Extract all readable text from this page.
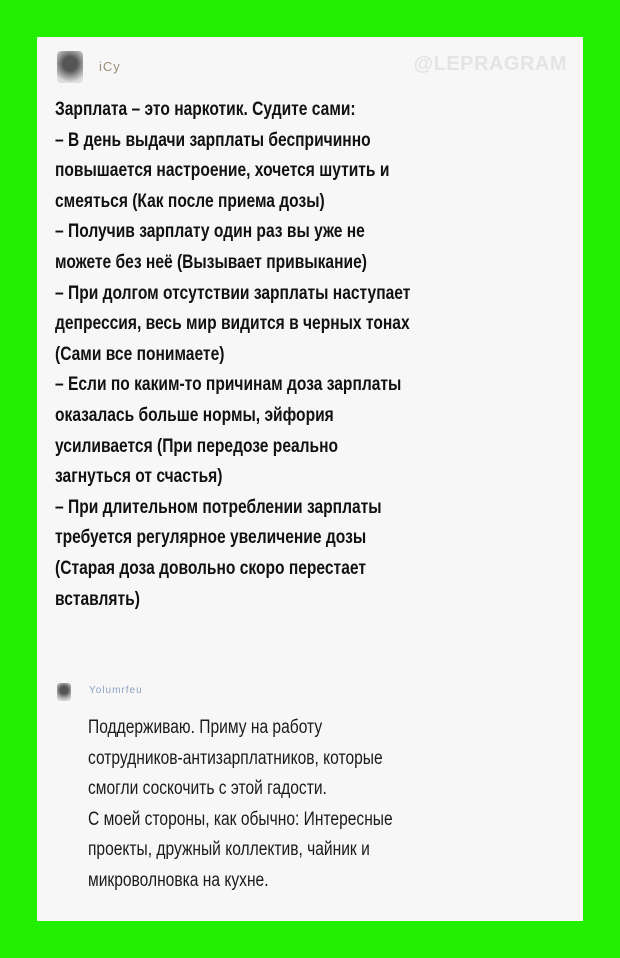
iCy	@LEPRAGRAM
Зарплата – это наркотик. Судите сами:
– В день выдачи зарплаты беспричинно
повышается настроение, хочется шутить и
смеяться (Как после приема дозы)
– Получив зарплату один раз вы уже не
можете без неё (Вызывает привыкание)
– При долгом отсутствии зарплаты наступает
депрессия, весь мир видится в черных тонах
(Сами все понимаете)
– Если по каким-то причинам доза зарплаты
оказалась больше нормы, эйфория
усиливается (При передозе реально
загнуться от счастья)
– При длительном потреблении зарплаты
требуется регулярное увеличение дозы
(Старая доза довольно скоро перестает
вставлять)
Yolumrfeu
Поддерживаю. Приму на работу
сотрудников-антизарплатников, которые
смогли соскочить с этой гадости.
С моей стороны, как обычно: Интересные
проекты, дружный коллектив, чайник и
микроволновка на кухне.
